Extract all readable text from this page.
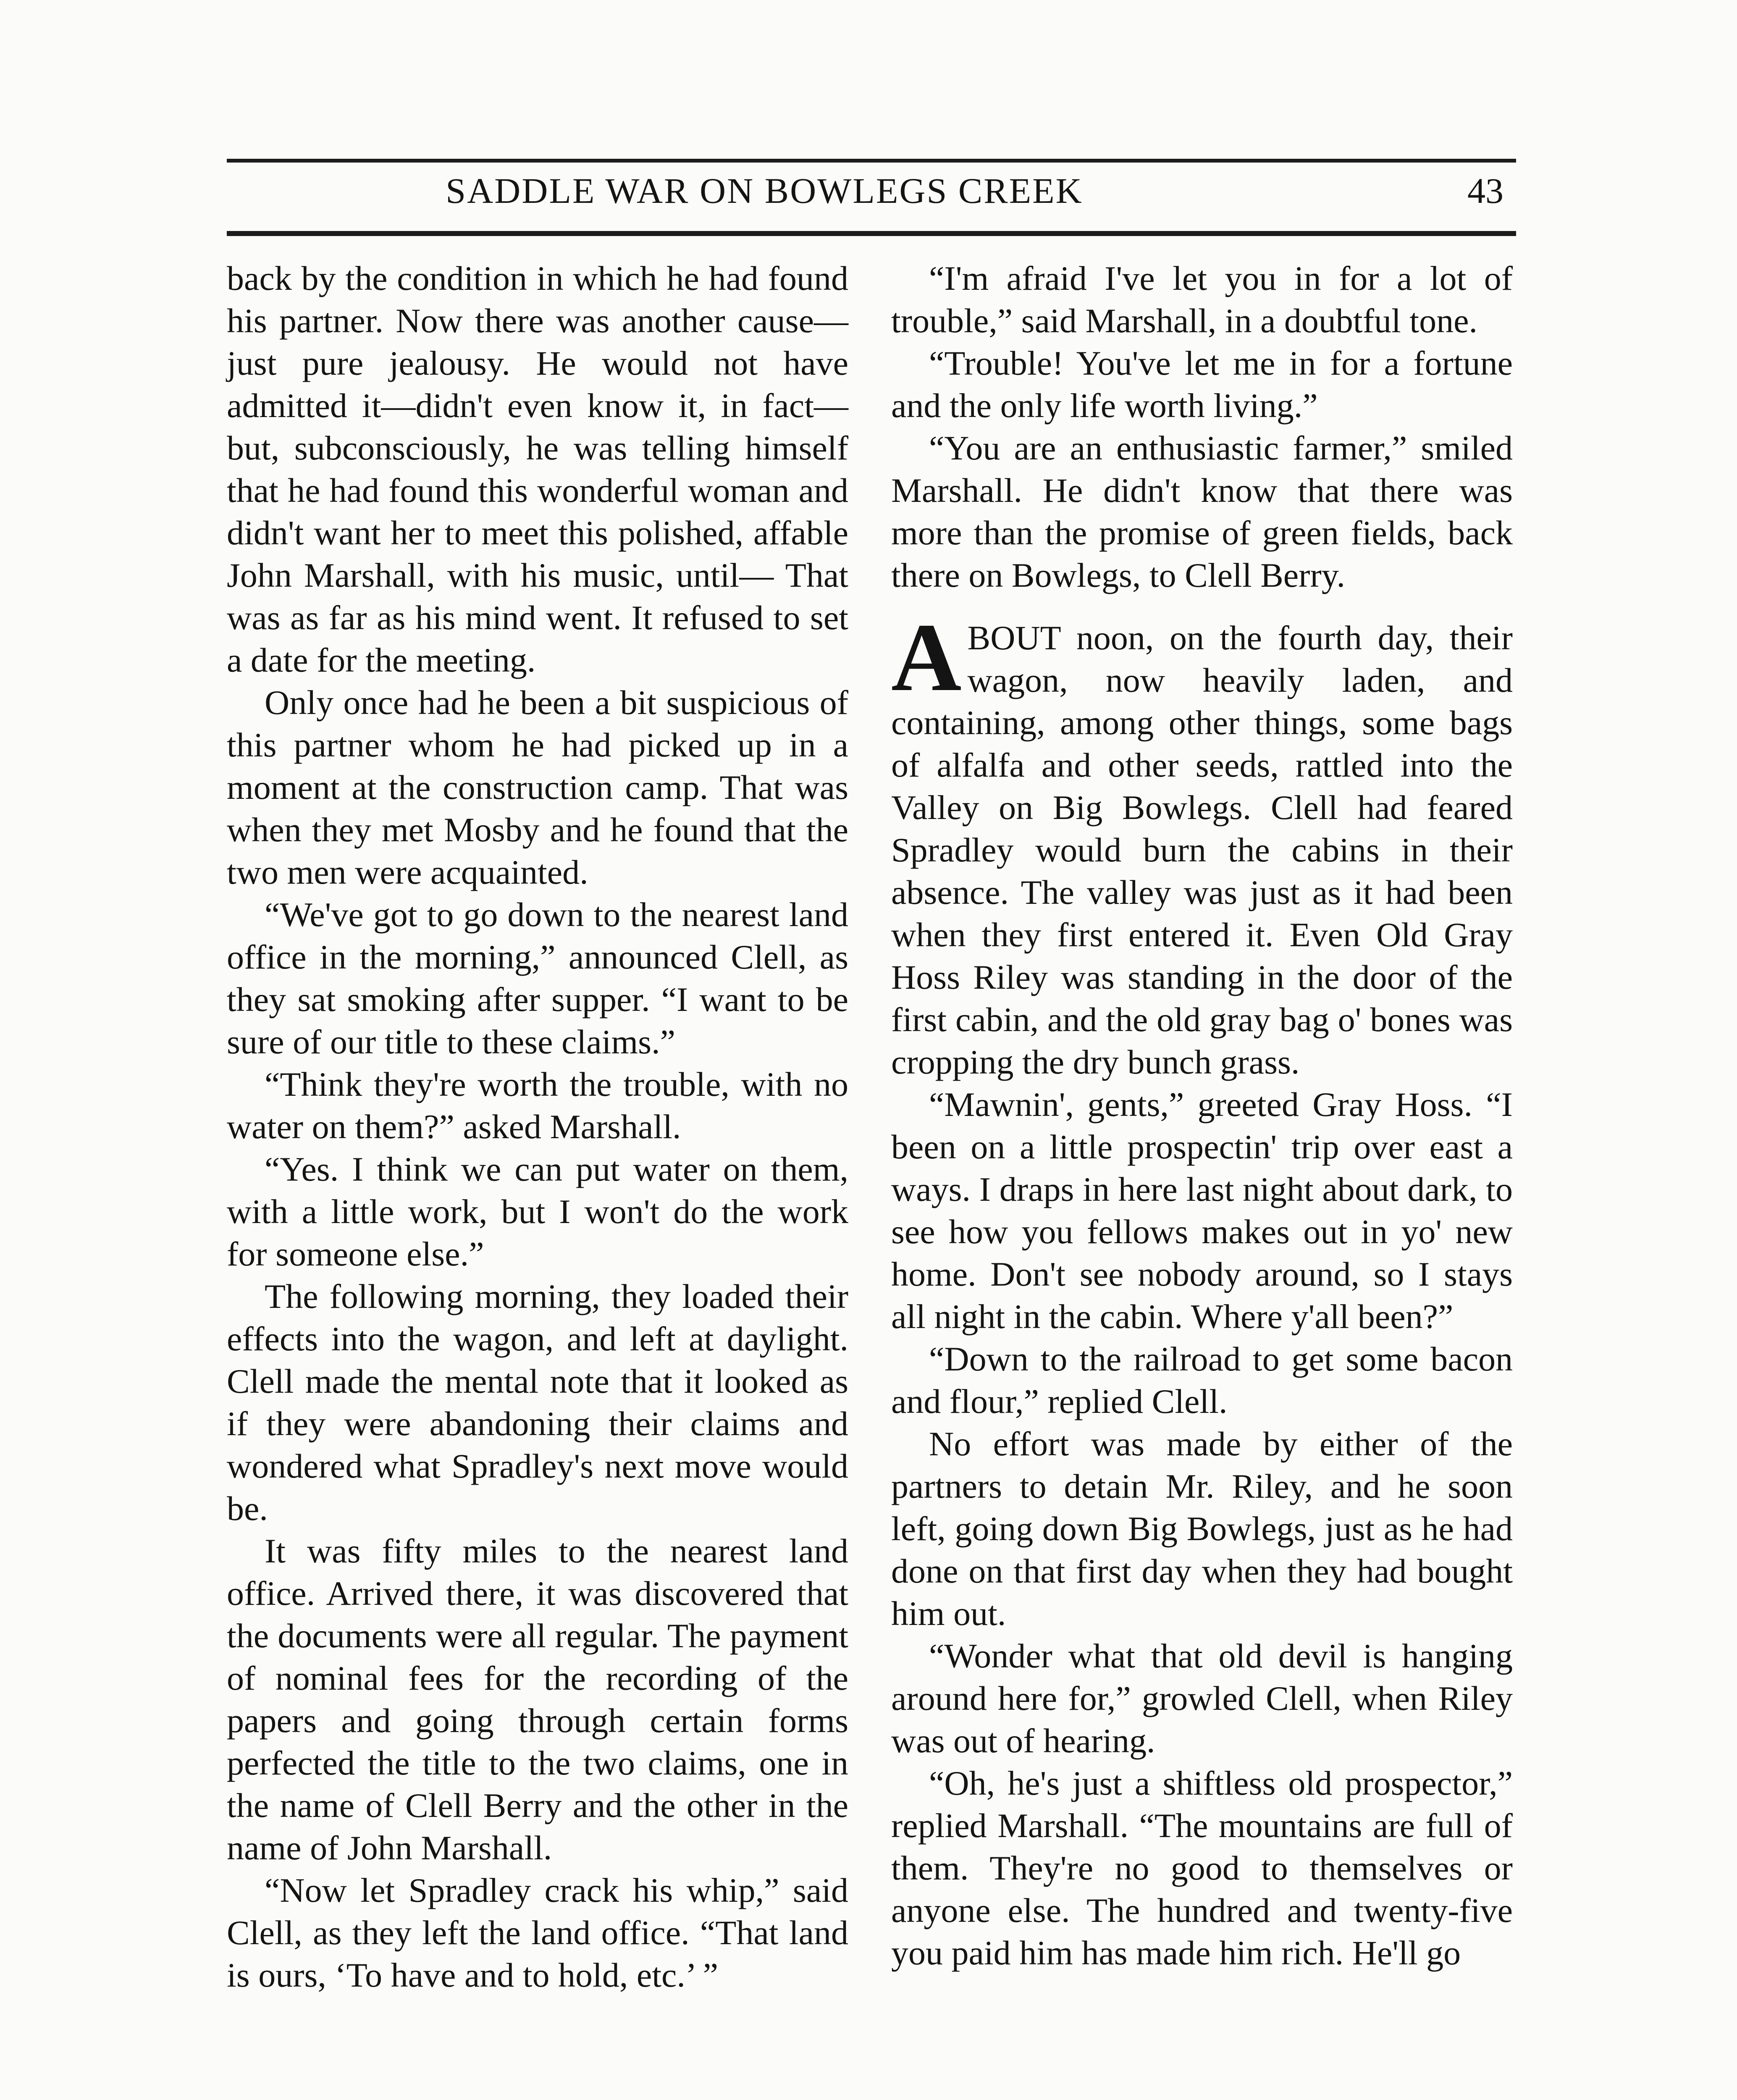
SADDLE WAR ON BOWLEGS CREEK	43

back by the condition in which he had found his partner. Now there was another cause—just pure jealousy. He would not have admitted it—didn't even know it, in fact—but, subconsciously, he was telling himself that he had found this wonderful woman and didn't want her to meet this polished, affable John Marshall, with his music, until— That was as far as his mind went. It refused to set a date for the meeting.

Only once had he been a bit suspicious of this partner whom he had picked up in a moment at the construction camp. That was when they met Mosby and he found that the two men were acquainted.

“We've got to go down to the nearest land office in the morning,” announced Clell, as they sat smoking after supper. “I want to be sure of our title to these claims.”

“Think they're worth the trouble, with no water on them?” asked Marshall.

“Yes. I think we can put water on them, with a little work, but I won't do the work for someone else.”

The following morning, they loaded their effects into the wagon, and left at daylight. Clell made the mental note that it looked as if they were abandoning their claims and wondered what Spradley's next move would be.

It was fifty miles to the nearest land office. Arrived there, it was discovered that the documents were all regular. The payment of nominal fees for the recording of the papers and going through certain forms perfected the title to the two claims, one in the name of Clell Berry and the other in the name of John Marshall.

“Now let Spradley crack his whip,” said Clell, as they left the land office. “That land is ours, ‘To have and to hold, etc.’ ”

“I'm afraid I've let you in for a lot of trouble,” said Marshall, in a doubtful tone.

“Trouble! You've let me in for a fortune and the only life worth living.”

“You are an enthusiastic farmer,” smiled Marshall. He didn't know that there was more than the promise of green fields, back there on Bowlegs, to Clell Berry.

ABOUT noon, on the fourth day, their wagon, now heavily laden, and containing, among other things, some bags of alfalfa and other seeds, rattled into the Valley on Big Bowlegs. Clell had feared Spradley would burn the cabins in their absence. The valley was just as it had been when they first entered it. Even Old Gray Hoss Riley was standing in the door of the first cabin, and the old gray bag o' bones was cropping the dry bunch grass.

“Mawnin', gents,” greeted Gray Hoss. “I been on a little prospectin' trip over east a ways. I draps in here last night about dark, to see how you fellows makes out in yo' new home. Don't see nobody around, so I stays all night in the cabin. Where y'all been?”

“Down to the railroad to get some bacon and flour,” replied Clell.

No effort was made by either of the partners to detain Mr. Riley, and he soon left, going down Big Bowlegs, just as he had done on that first day when they had bought him out.

“Wonder what that old devil is hanging around here for,” growled Clell, when Riley was out of hearing.

“Oh, he's just a shiftless old prospector,” replied Marshall. “The mountains are full of them. They're no good to themselves or anyone else. The hundred and twenty-five you paid him has made him rich. He'll go
